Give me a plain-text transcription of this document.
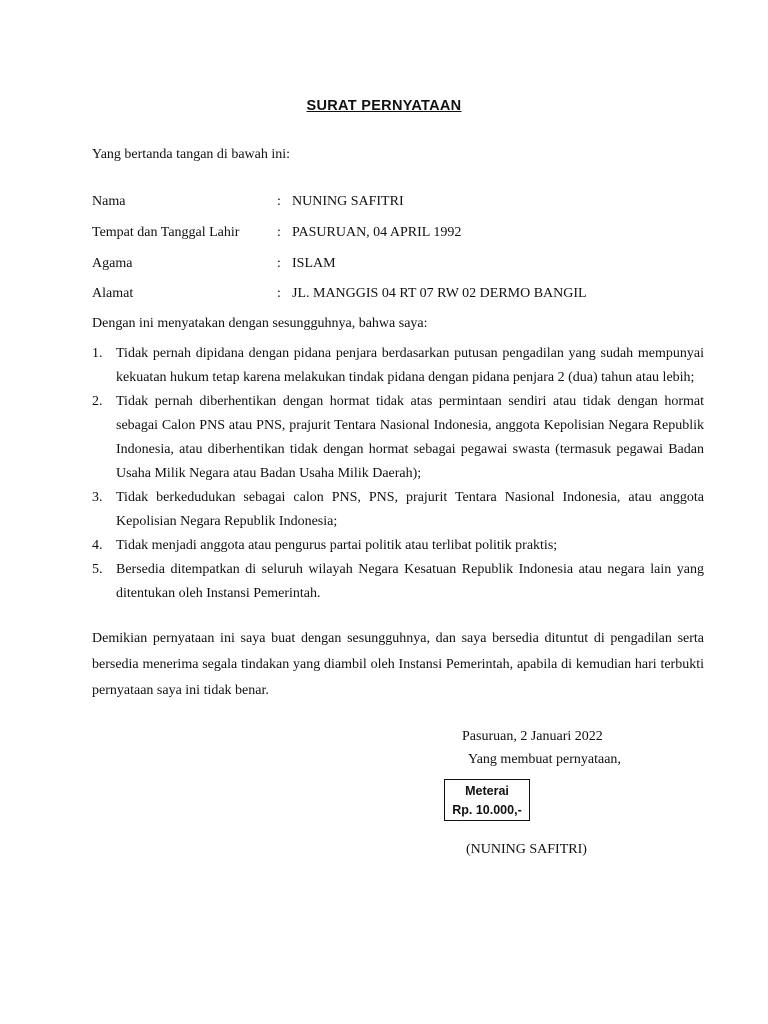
SURAT PERNYATAAN
Yang bertanda tangan di bawah ini:
Nama	: NUNING SAFITRI
Tempat dan Tanggal Lahir	: PASURUAN, 04 APRIL 1992
Agama	: ISLAM
Alamat	: JL. MANGGIS 04 RT 07 RW 02 DERMO BANGIL
Dengan ini menyatakan dengan sesungguhnya, bahwa saya:
1. Tidak pernah dipidana dengan pidana penjara berdasarkan putusan pengadilan yang sudah mempunyai kekuatan hukum tetap karena melakukan tindak pidana dengan pidana penjara 2 (dua) tahun atau lebih;
2. Tidak pernah diberhentikan dengan hormat tidak atas permintaan sendiri atau tidak dengan hormat sebagai Calon PNS atau PNS, prajurit Tentara Nasional Indonesia, anggota Kepolisian Negara Republik Indonesia, atau diberhentikan tidak dengan hormat sebagai pegawai swasta (termasuk pegawai Badan Usaha Milik Negara atau Badan Usaha Milik Daerah);
3. Tidak berkedudukan sebagai calon PNS, PNS, prajurit Tentara Nasional Indonesia, atau anggota Kepolisian Negara Republik Indonesia;
4. Tidak menjadi anggota atau pengurus partai politik atau terlibat politik praktis;
5. Bersedia ditempatkan di seluruh wilayah Negara Kesatuan Republik Indonesia atau negara lain yang ditentukan oleh Instansi Pemerintah.
Demikian pernyataan ini saya buat dengan sesungguhnya, dan saya bersedia dituntut di pengadilan serta bersedia menerima segala tindakan yang diambil oleh Instansi Pemerintah, apabila di kemudian hari terbukti pernyataan saya ini tidak benar.
Pasuruan, 2 Januari 2022
Yang membuat pernyataan,
Meterai
Rp. 10.000,-
(NUNING SAFITRI)
